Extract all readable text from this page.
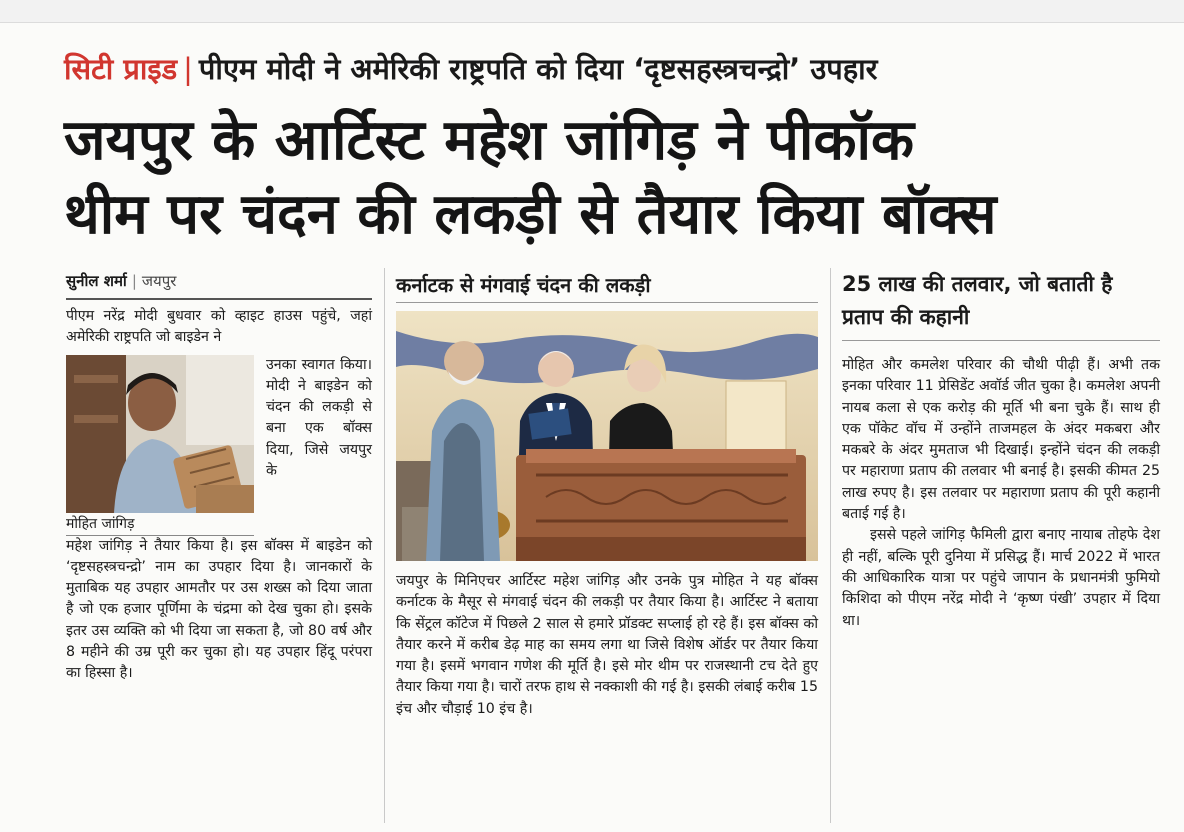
सिटी प्राइड | पीएम मोदी ने अमेरिकी राष्ट्रपति को दिया ‘दृष्टसहस्त्रचन्द्रो’ उपहार
जयपुर के आर्टिस्ट महेश जांगिड़ ने पीकॉक
थीम पर चंदन की लकड़ी से तैयार किया बॉक्स
सुनील शर्मा | जयपुर

पीएम नरेंद्र मोदी बुधवार को व्हाइट हाउस पहुंचे, जहां अमेरिकी राष्ट्रपति जो बाइडेन ने

मोहित जांगिड़
उनका स्वागत किया। मोदी ने बाइडेन को चंदन की लकड़ी से बना एक बॉक्स दिया, जिसे जयपुर के

महेश जांगिड़ ने तैयार किया है। इस बॉक्स में बाइडेन को ‘दृष्टसहस्त्रचन्द्रो’ नाम का उपहार दिया है। जानकारों के मुताबिक यह उपहार आमतौर पर उस शख्स को दिया जाता है जो एक हजार पूर्णिमा के चंद्रमा को देख चुका हो। इसके इतर उस व्यक्ति को भी दिया जा सकता है, जो 80 वर्ष और 8 महीने की उम्र पूरी कर चुका हो। यह उपहार हिंदू परंपरा का हिस्सा है।

कर्नाटक से मंगवाई चंदन की लकड़ी

जयपुर के मिनिएचर आर्टिस्ट महेश जांगिड़ और उनके पुत्र मोहित ने यह बॉक्स कर्नाटक के मैसूर से मंगवाई चंदन की लकड़ी पर तैयार किया है। आर्टिस्ट ने बताया कि सेंट्रल कॉटेज में पिछले 2 साल से हमारे प्रॉडक्ट सप्लाई हो रहे हैं। इस बॉक्स को तैयार करने में करीब डेढ़ माह का समय लगा था जिसे विशेष ऑर्डर पर तैयार किया गया है। इसमें भगवान गणेश की मूर्ति है। इसे मोर थीम पर राजस्थानी टच देते हुए तैयार किया गया है। चारों तरफ हाथ से नक्काशी की गई है। इसकी लंबाई करीब 15 इंच और चौड़ाई 10 इंच है।

25 लाख की तलवार, जो बताती है प्रताप की कहानी

मोहित और कमलेश परिवार की चौथी पीढ़ी हैं। अभी तक इनका परिवार 11 प्रेसिडेंट अवॉर्ड जीत चुका है। कमलेश अपनी नायब कला से एक करोड़ की मूर्ति भी बना चुके हैं। साथ ही एक पॉकेट वॉच में उन्होंने ताजमहल के अंदर मकबरा और मकबरे के अंदर मुमताज भी दिखाई। इन्होंने चंदन की लकड़ी पर महाराणा प्रताप की तलवार भी बनाई है। इसकी कीमत 25 लाख रुपए है। इस तलवार पर महाराणा प्रताप की पूरी कहानी बताई गई है।

इससे पहले जांगिड़ फैमिली द्वारा बनाए नायाब तोहफे देश ही नहीं, बल्कि पूरी दुनिया में प्रसिद्ध हैं। मार्च 2022 में भारत की आधिकारिक यात्रा पर पहुंचे जापान के प्रधानमंत्री फुमियो किशिदा को पीएम नरेंद्र मोदी ने ‘कृष्ण पंखी’ उपहार में दिया था।
